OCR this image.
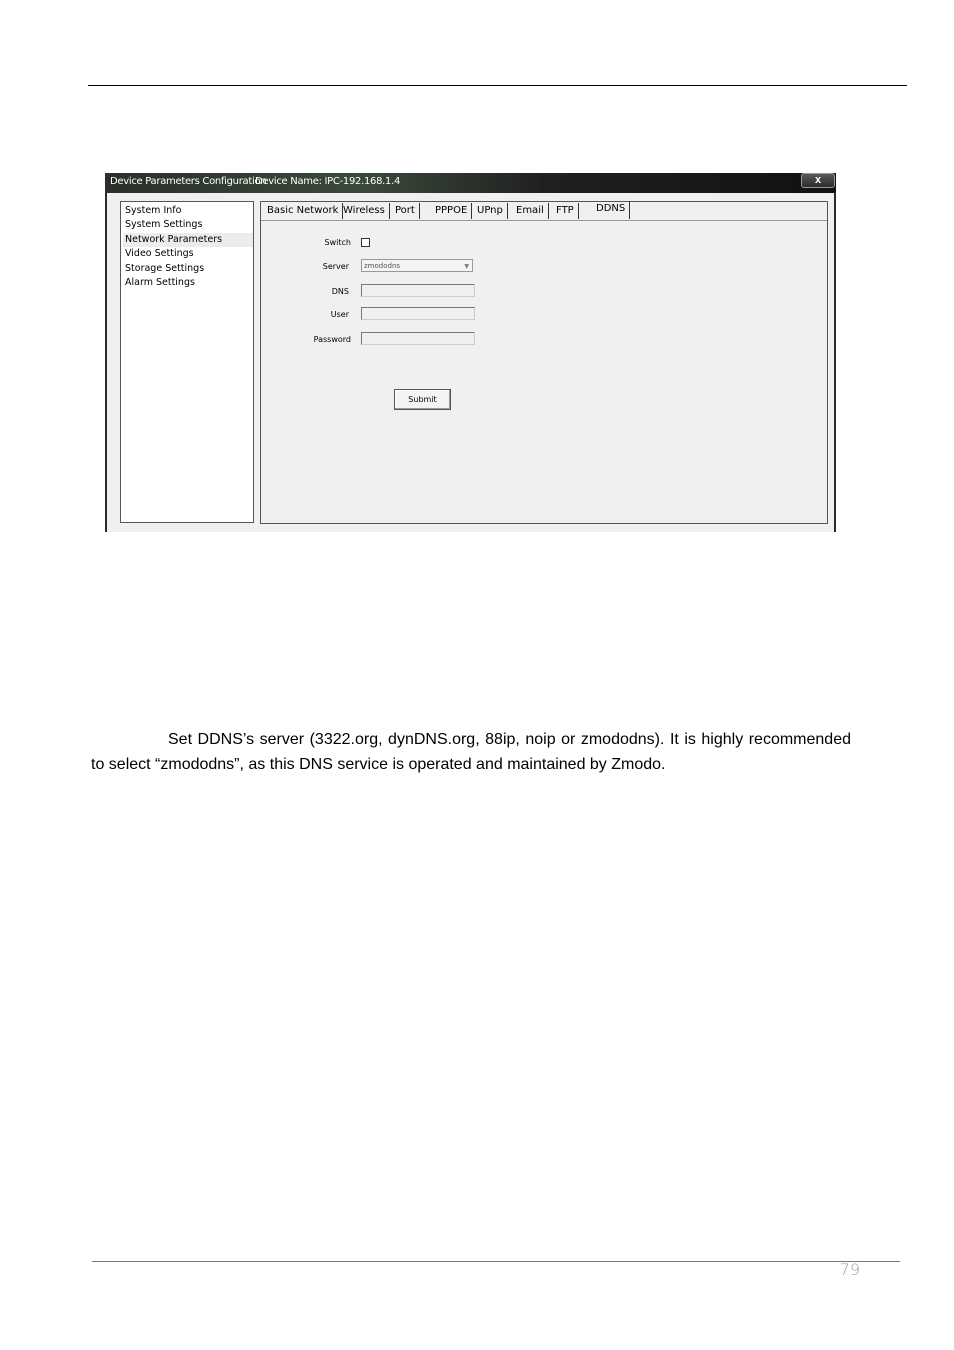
Device Parameters Configuration
Device Name: IPC-192.168.1.4	x
System Info
System Settings
Network Parameters
Video Settings
Storage Settings
Alarm Settings
Basic Network Wireless	Port	PPPOE UPnp	Email	FTP	DDNS
Switch
Server	zmododns	▼
DNS
User
Password
Submit

Set DDNS’s server (3322.org, dynDNS.org, 88ip, noip or zmododns). It is highly recommended to select “zmododns”, as this DNS service is operated and maintained by Zmodo.

79
